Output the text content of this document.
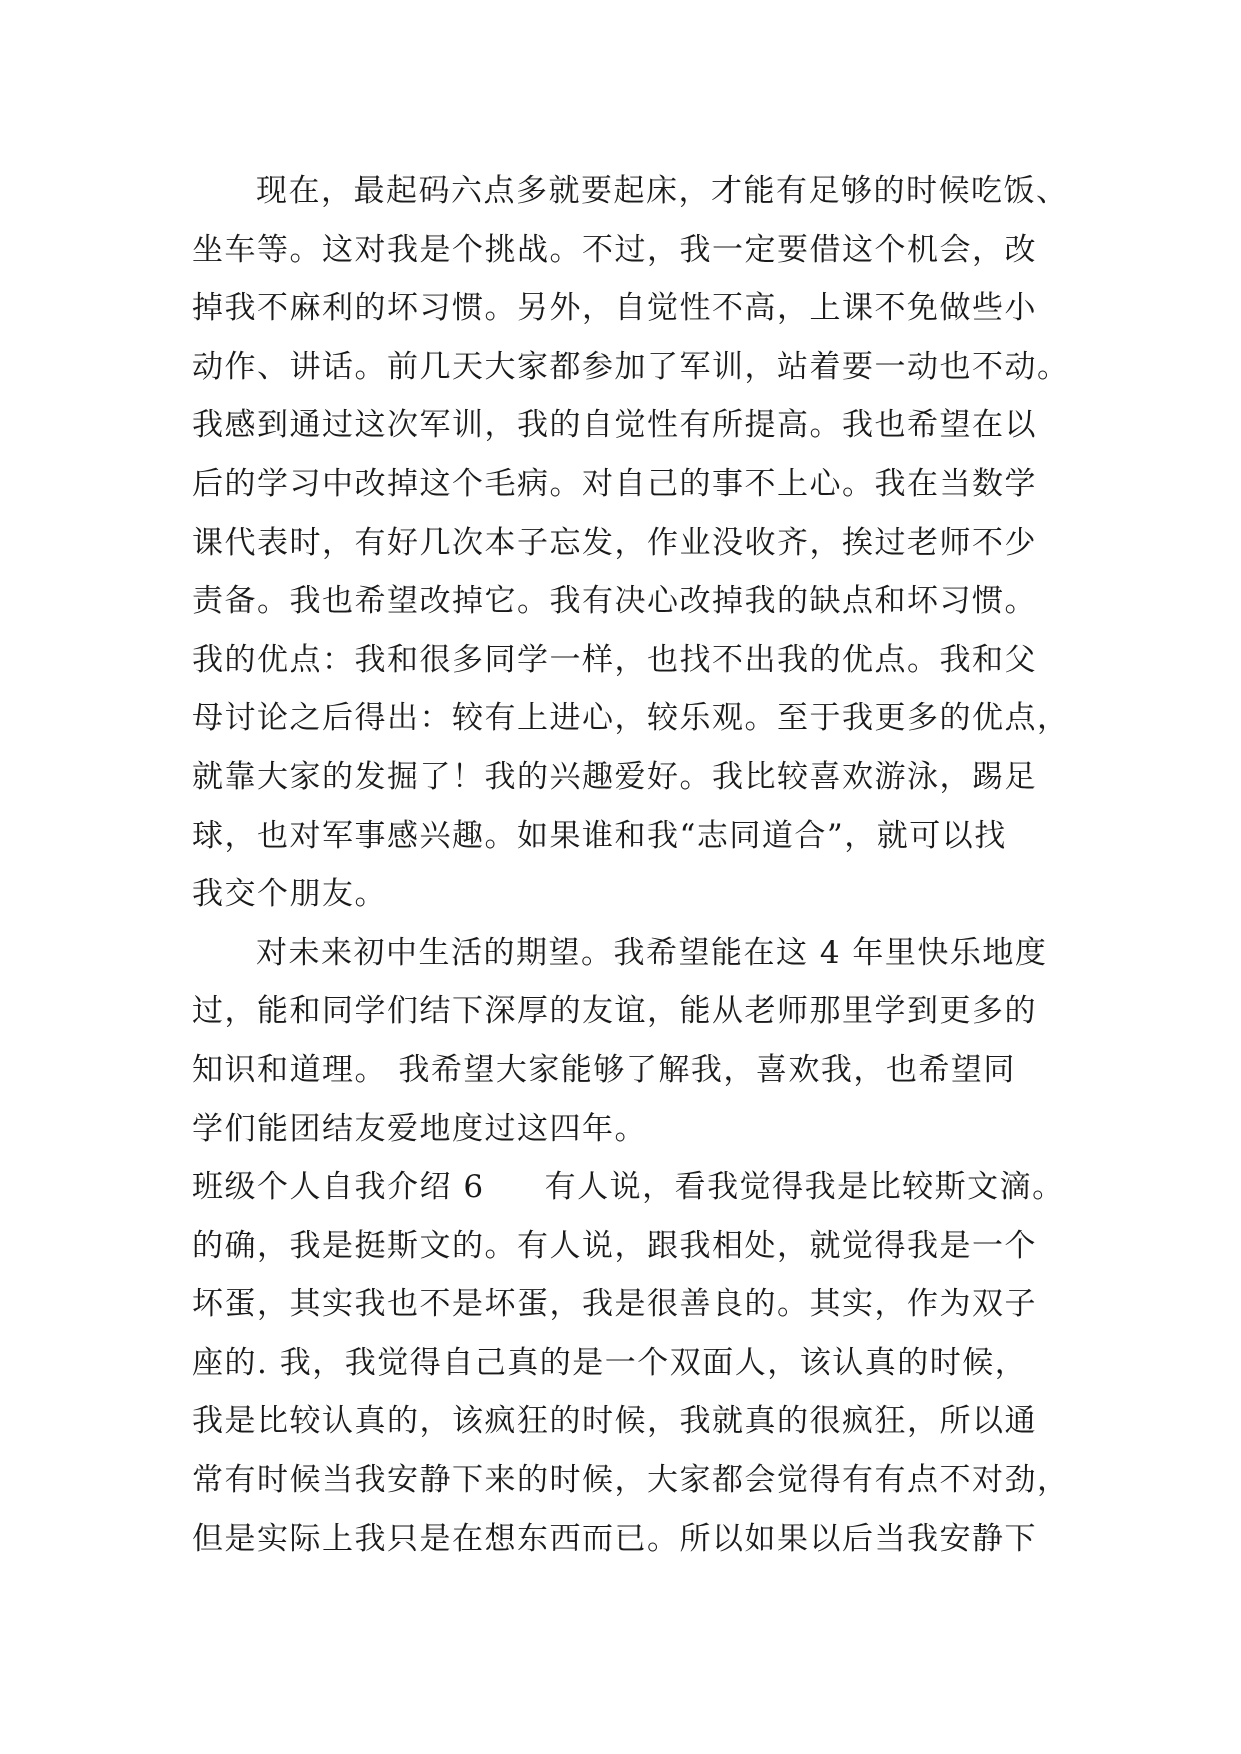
现在，最起码六点多就要起床，才能有足够的时候吃饭、
坐车等。这对我是个挑战。不过，我一定要借这个机会，改
掉我不麻利的坏习惯。另外，自觉性不高，上课不免做些小
动作、讲话。前几天大家都参加了军训，站着要一动也不动。
我感到通过这次军训，我的自觉性有所提高。我也希望在以
后的学习中改掉这个毛病。对自己的事不上心。我在当数学
课代表时，有好几次本子忘发，作业没收齐，挨过老师不少
责备。我也希望改掉它。我有决心改掉我的缺点和坏习惯。
我的优点：我和很多同学一样，也找不出我的优点。我和父
母讨论之后得出：较有上进心，较乐观。至于我更多的优点，
就靠大家的发掘了！我的兴趣爱好。我比较喜欢游泳，踢足
球，也对军事感兴趣。如果谁和我“志同道合”，就可以找
我交个朋友。
对未来初中生活的期望。我希望能在这 4 年里快乐地度
过，能和同学们结下深厚的友谊，能从老师那里学到更多的
知识和道理。 我希望大家能够了解我，喜欢我，也希望同
学们能团结友爱地度过这四年。
班级个人自我介绍 6 有人说，看我觉得我是比较斯文滴。
的确，我是挺斯文的。有人说，跟我相处，就觉得我是一个
坏蛋，其实我也不是坏蛋，我是很善良的。其实，作为双子
座的. 我，我觉得自己真的是一个双面人，该认真的时候，
我是比较认真的，该疯狂的时候，我就真的很疯狂，所以通
常有时候当我安静下来的时候，大家都会觉得有有点不对劲，
但是实际上我只是在想东西而已。所以如果以后当我安静下
